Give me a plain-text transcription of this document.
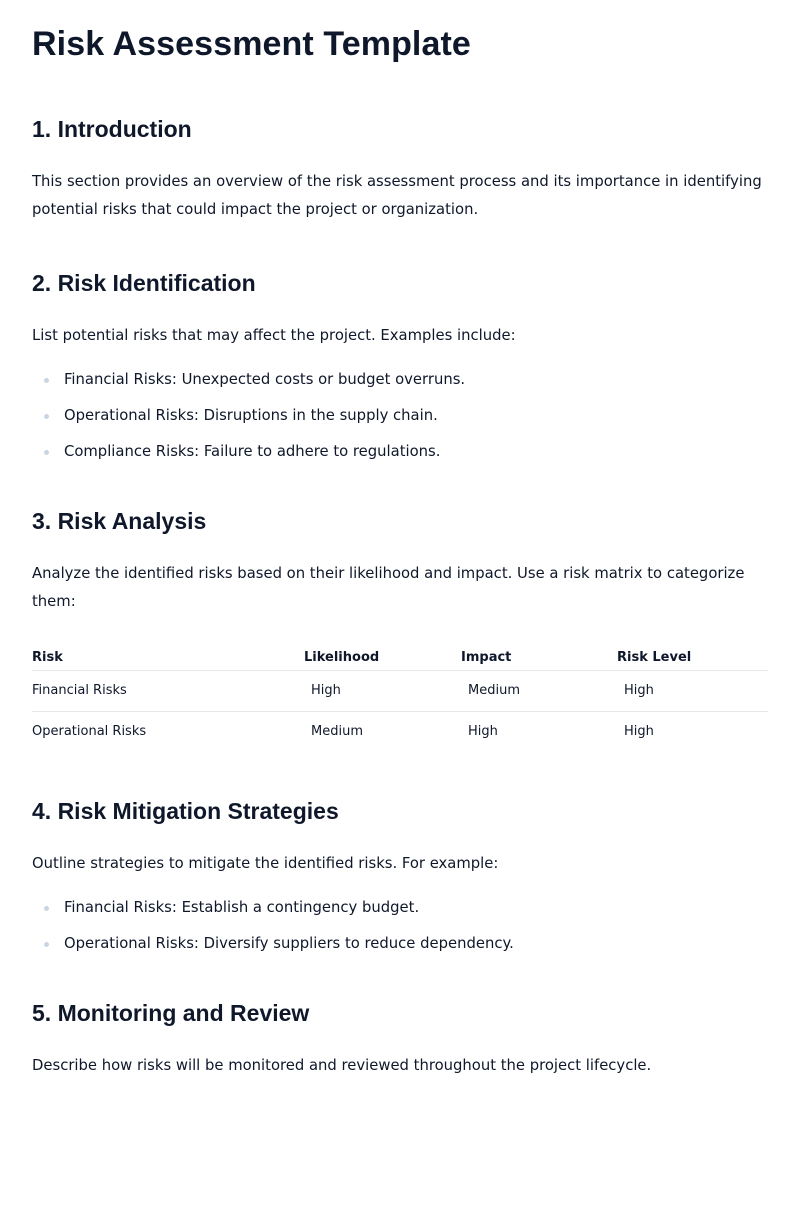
Risk Assessment Template
1. Introduction

This section provides an overview of the risk assessment process and its importance in identifying potential risks that could impact the project or organization.

2. Risk Identification

List potential risks that may affect the project. Examples include:

Financial Risks: Unexpected costs or budget overruns.
Operational Risks: Disruptions in the supply chain.
Compliance Risks: Failure to adhere to regulations.
3. Risk Analysis

Analyze the identified risks based on their likelihood and impact. Use a risk matrix to categorize them:

Risk	Likelihood	Impact	Risk Level
Financial Risks	High	Medium	High
Operational Risks	Medium	High	High
4. Risk Mitigation Strategies

Outline strategies to mitigate the identified risks. For example:

Financial Risks: Establish a contingency budget.
Operational Risks: Diversify suppliers to reduce dependency.
5. Monitoring and Review

Describe how risks will be monitored and reviewed throughout the project lifecycle.
